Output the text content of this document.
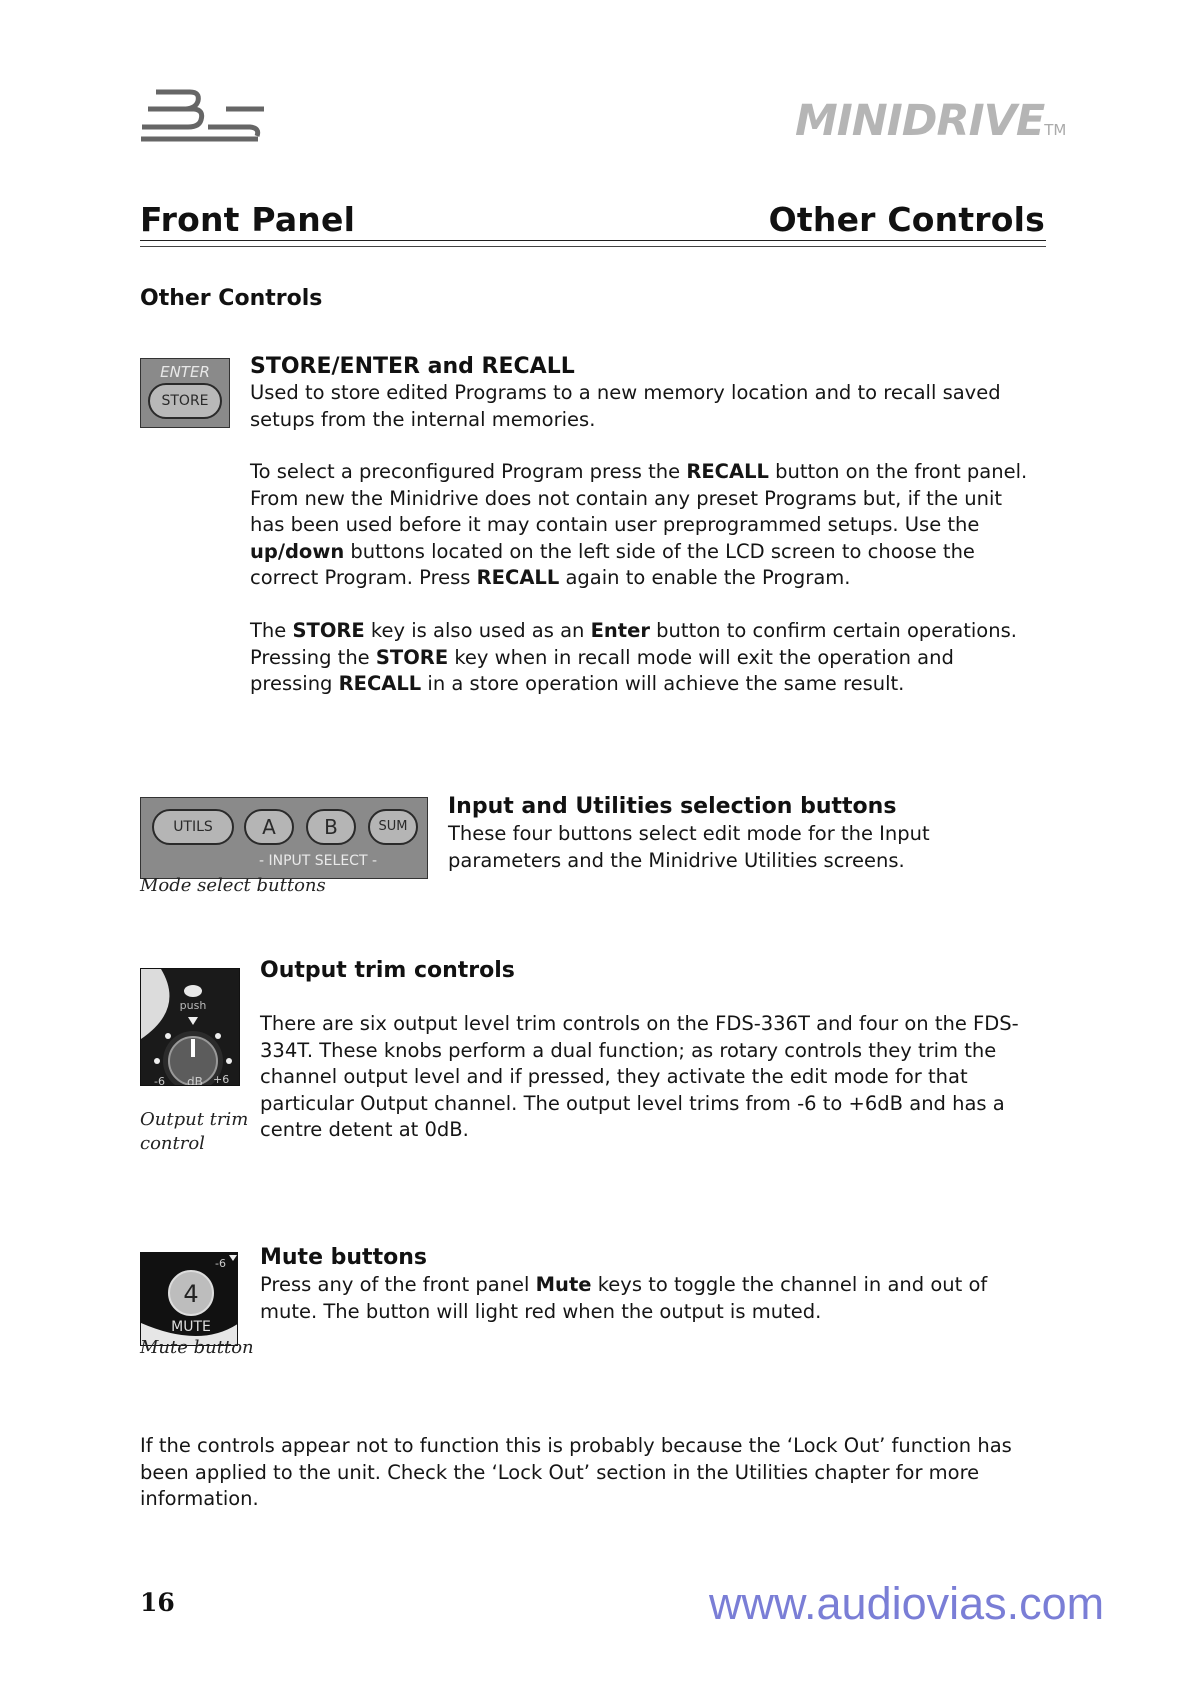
BSS
MINIDRIVETM
Front Panel	Other Controls
Other Controls
ENTER
STORE
STORE/ENTER and RECALL
Used to store edited Programs to a new memory location and to recall saved setups from the internal memories.
To select a preconfigured Program press the RECALL button on the front panel. From new the Minidrive does not contain any preset Programs but, if the unit has been used before it may contain user preprogrammed setups. Use the up/down buttons located on the left side of the LCD screen to choose the correct Program. Press RECALL again to enable the Program.
The STORE key is also used as an Enter button to confirm certain operations. Pressing the STORE key when in recall mode will exit the operation and pressing RECALL in a store operation will achieve the same result.
UTILS	A	B	SUM
- INPUT SELECT -
Mode select buttons
Input and Utilities selection buttons
These four buttons select edit mode for the Input parameters and the Minidrive Utilities screens.
push
-6	+6
dB
Output trim control
Output trim controls
There are six output level trim controls on the FDS-336T and four on the FDS-334T. These knobs perform a dual function; as rotary controls they trim the channel output level and if pressed, they activate the edit mode for that particular Output channel. The output level trims from -6 to +6dB and has a centre detent at 0dB.
-6
4
MUTE
Mute button
Mute buttons
Press any of the front panel Mute keys to toggle the channel in and out of mute. The button will light red when the output is muted.
If the controls appear not to function this is probably because the ‘Lock Out’ function has been applied to the unit. Check the ‘Lock Out’ section in the Utilities chapter for more information.
16	www.audiovias.com
